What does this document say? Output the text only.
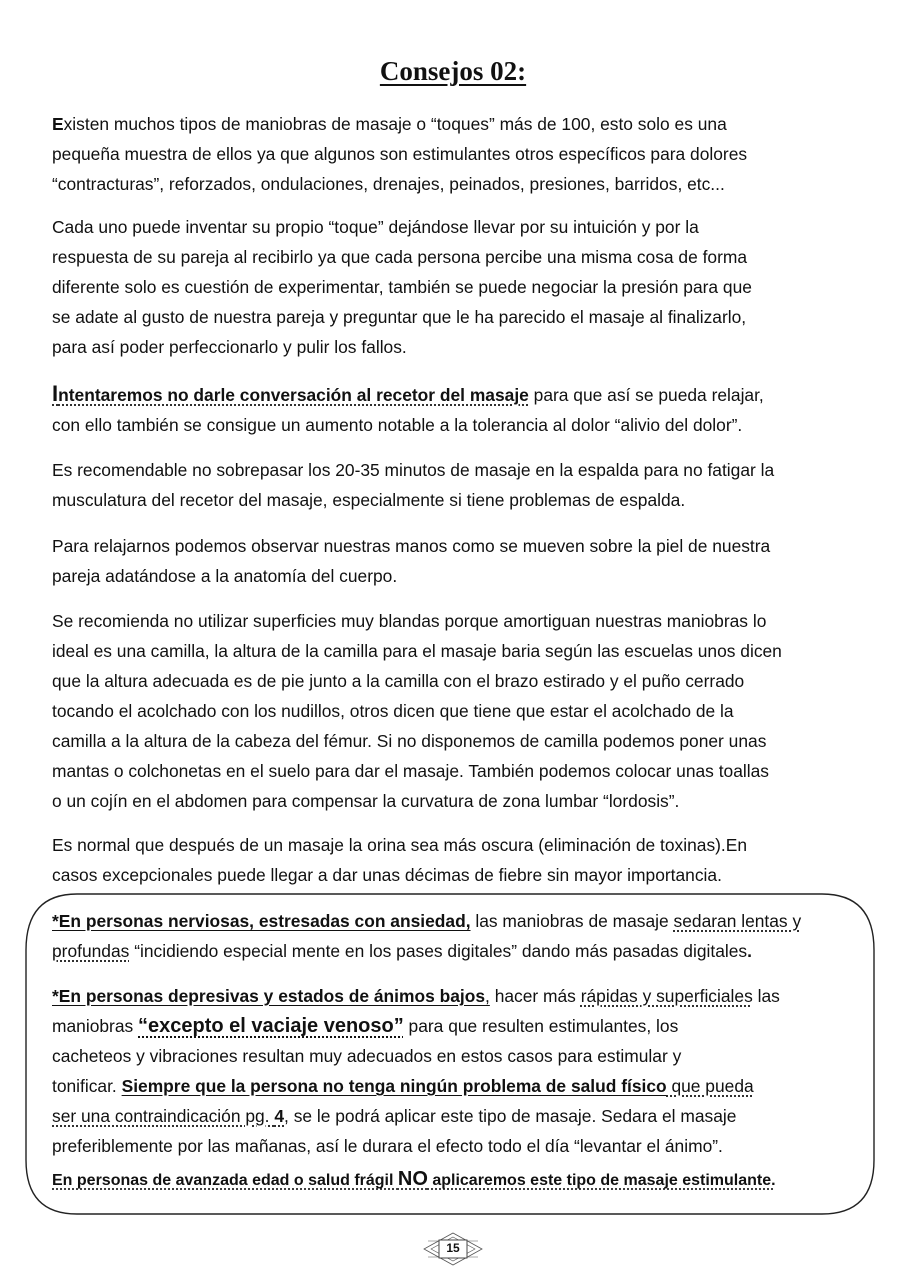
Consejos 02:

Existen muchos tipos de maniobras de masaje o “toques” más de 100, esto solo es una

pequeña muestra de ellos ya que algunos son estimulantes otros específicos para dolores

“contracturas”, reforzados, ondulaciones, drenajes, peinados, presiones, barridos, etc...

Cada uno puede inventar su propio “toque” dejándose llevar por su intuición y por la

respuesta de su pareja al recibirlo ya que cada persona percibe una misma cosa de forma

diferente solo es cuestión de experimentar, también se puede negociar la presión para que

se adate al gusto de nuestra pareja y preguntar que le ha parecido el masaje al finalizarlo,

para así poder perfeccionarlo y pulir los fallos.

Intentaremos no darle conversación al recetor del masaje para que así se pueda relajar,

con ello también se consigue un aumento notable a la tolerancia al dolor “alivio del dolor”.

Es recomendable no sobrepasar los 20-35 minutos de masaje en la espalda para no fatigar la

musculatura del recetor del masaje, especialmente si tiene problemas de espalda.

Para relajarnos podemos observar nuestras manos como se mueven sobre la piel de nuestra

pareja adatándose a la anatomía del cuerpo.

Se recomienda no utilizar superficies muy blandas porque amortiguan nuestras maniobras lo

ideal es una camilla, la altura de la camilla para el masaje baria según las escuelas unos dicen

que la altura adecuada es de pie junto a la camilla con el brazo estirado y el puño cerrado

tocando el acolchado con los nudillos, otros dicen que tiene que estar el acolchado de la

camilla a la altura de la cabeza del fémur. Si no disponemos de camilla podemos poner unas

mantas o colchonetas en el suelo para dar el masaje. También podemos colocar unas toallas

o un cojín en el abdomen para compensar la curvatura de zona lumbar “lordosis”.

Es normal que después de un masaje la orina sea más oscura (eliminación de toxinas).En

casos excepcionales puede llegar a dar unas décimas de fiebre sin mayor importancia.

*En personas nerviosas, estresadas con ansiedad, las maniobras de masaje sedaran lentas y

profundas “incidiendo especial mente en los pases digitales” dando más pasadas digitales.

*En personas depresivas y estados de ánimos bajos, hacer más rápidas y superficiales las

maniobras “excepto el vaciaje venoso” para que resulten estimulantes, los

cacheteos y vibraciones resultan muy adecuados en estos casos para estimular y

tonificar. Siempre que la persona no tenga ningún problema de salud físico que pueda

ser una contraindicación pg. 4, se le podrá aplicar este tipo de masaje. Sedara el masaje

preferiblemente por las mañanas, así le durara el efecto todo el día “levantar el ánimo”.

En personas de avanzada edad o salud frágil NO aplicaremos este tipo de masaje estimulante.

15
